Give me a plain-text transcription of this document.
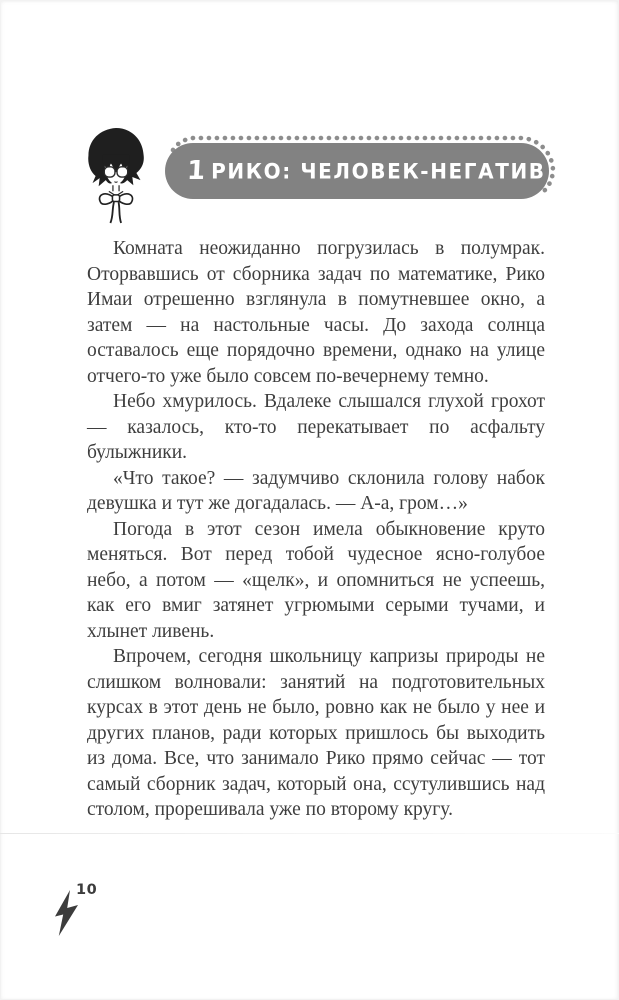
1 РИКО: ЧЕЛОВЕК-НЕГАТИВ

Комната неожиданно погрузилась в полумрак. Оторвавшись от сборника задач по математике, Рико Имаи отрешенно взглянула в помутневшее окно, а затем — на настольные часы. До захода солнца оставалось еще порядочно времени, однако на улице отчего-то уже было совсем по-вечернему темно.

Небо хмурилось. Вдалеке слышался глухой грохот — казалось, кто-то перекатывает по асфальту булыжники.

«Что такое? — задумчиво склонила голову набок девушка и тут же догадалась. — А-а, гром…»

Погода в этот сезон имела обыкновение круто меняться. Вот перед тобой чудесное ясно-голубое небо, а потом — «щелк», и опомниться не успеешь, как его вмиг затянет угрюмыми серыми тучами, и хлынет ливень.

Впрочем, сегодня школьницу капризы природы не слишком волновали: занятий на подготовительных курсах в этот день не было, ровно как не было у нее и других планов, ради которых пришлось бы выходить из дома. Все, что занимало Рико прямо сейчас — тот самый сборник задач, который она, ссутулившись над столом, прорешивала уже по второму кругу.

10
